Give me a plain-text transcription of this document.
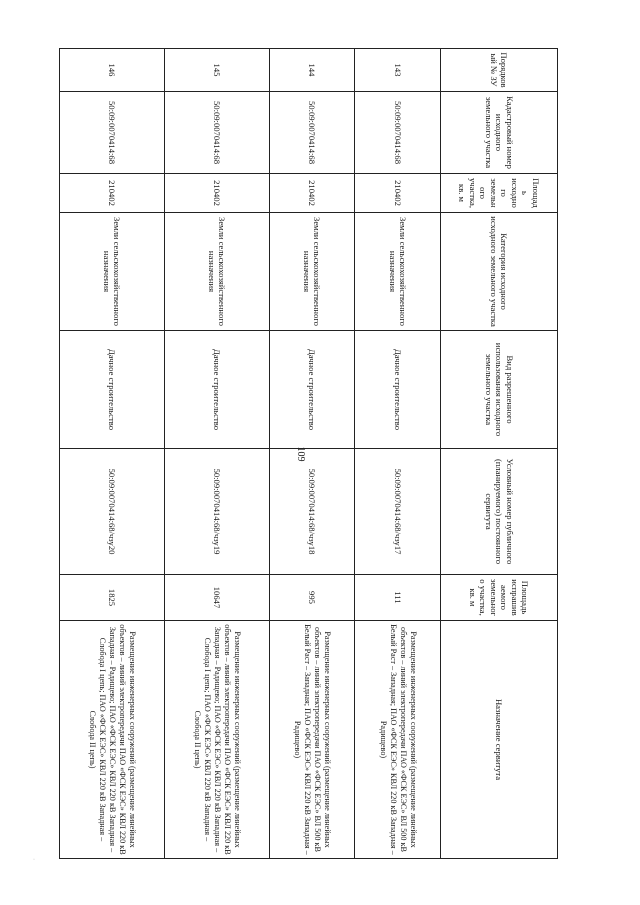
109
Порядковый № ЗУ	Кадастровый номер исходного земельного участка	Площадь исходного земельного участка, кв. м	Категория исходного исходного земельного участка	Вид разрешенного использования исходного земельного участка	Условный номер публичного (планируемого) постоянного сервитута	Площадь испрашиваемого земельного участка, кв. м	Назначение сервитута
143	50:09:0070414:68	210402	Земли сельскохозяйственного назначения	Дачное строительство	50:09:0070414:68/чзу17	111	Размещение инженерных сооружений (размещение линейных объектов – линий электропередачи ПАО «ФСК ЕЭС» ВЛ 500 кВ Белый Раст – Западная; ПАО «ФСК ЕЭС» КВЛ 220 кВ Западная – Радищево)
144	50:09:0070414:68	210402	Земли сельскохозяйственного назначения	Дачное строительство	50:09:0070414:68/чзу18	995	Размещение инженерных сооружений (размещение линейных объектов – линий электропередачи ПАО «ФСК ЕЭС» ВЛ 500 кВ Белый Раст – Западная; ПАО «ФСК ЕЭС» КВЛ 220 кВ Западная – Радищево)
145	50:09:0070414:68	210402	Земли сельскохозяйственного назначения	Дачное строительство	50:09:0070414:68/чзу19	10647	Размещение инженерных сооружений (размещение линейных объектов – линий электропередачи ПАО «ФСК ЕЭС» КВЛ 220 кВ Западная – Радищево; ПАО «ФСК ЕЭС» КВЛ 220 кВ Западная – Слобода I цепь; ПАО «ФСК ЕЭС» КВЛ 220 кВ Западная – Слобода II цепь)
146	50:09:0070414:68	210402	Земли сельскохозяйственного назначения	Дачное строительство	50:09:0070414:68/чзу20	1825	Размещение инженерных сооружений (размещение линейных объектов – линий электропередачи ПАО «ФСК ЕЭС» КВЛ 220 кВ Западная – Радищево; ПАО «ФСК ЕЭС» КВЛ 220 кВ Западная – Слобода I цепь; ПАО «ФСК ЕЭС» КВЛ 220 кВ Западная – Слобода II цепь)
·
